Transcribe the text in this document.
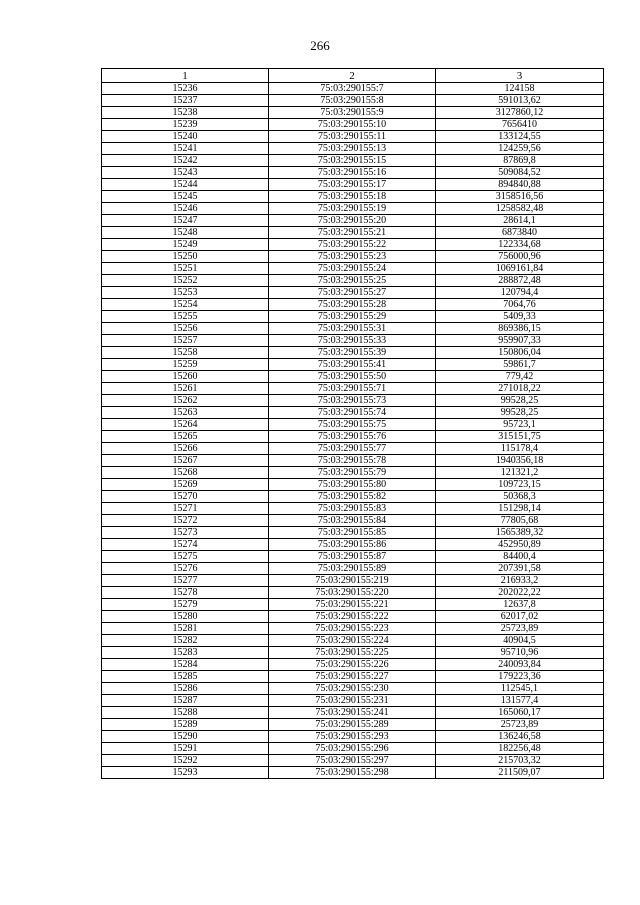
266
1	2	3
15236	75:03:290155:7	124158
15237	75:03:290155:8	591013,62
15238	75:03:290155:9	3127860,12
15239	75:03:290155:10	7656410
15240	75:03:290155:11	133124,55
15241	75:03:290155:13	124259,56
15242	75:03:290155:15	87869,8
15243	75:03:290155:16	509084,52
15244	75:03:290155:17	894840,88
15245	75:03:290155:18	3158516,56
15246	75:03:290155:19	1258582,48
15247	75:03:290155:20	28614,1
15248	75:03:290155:21	6873840
15249	75:03:290155:22	122334,68
15250	75:03:290155:23	756000,96
15251	75:03:290155:24	1069161,84
15252	75:03:290155:25	288872,48
15253	75:03:290155:27	120794,4
15254	75:03:290155:28	7064,76
15255	75:03:290155:29	5409,33
15256	75:03:290155:31	869386,15
15257	75:03:290155:33	959907,33
15258	75:03:290155:39	150806,04
15259	75:03:290155:41	59861,7
15260	75:03:290155:50	779,42
15261	75:03:290155:71	271018,22
15262	75:03:290155:73	99528,25
15263	75:03:290155:74	99528,25
15264	75:03:290155:75	95723,1
15265	75:03:290155:76	315151,75
15266	75:03:290155:77	115178,4
15267	75:03:290155:78	1940356,18
15268	75:03:290155:79	121321,2
15269	75:03:290155:80	109723,15
15270	75:03:290155:82	50368,3
15271	75:03:290155:83	151298,14
15272	75:03:290155:84	77805,68
15273	75:03:290155:85	1565389,32
15274	75:03:290155:86	452950,89
15275	75:03:290155:87	84400,4
15276	75:03:290155:89	207391,58
15277	75:03:290155:219	216933,2
15278	75:03:290155:220	202022,22
15279	75:03:290155:221	12637,8
15280	75:03:290155:222	62017,02
15281	75:03:290155:223	25723,89
15282	75:03:290155:224	40904,5
15283	75:03:290155:225	95710,96
15284	75:03:290155:226	240093,84
15285	75:03:290155:227	179223,36
15286	75:03:290155:230	112545,1
15287	75:03:290155:231	131577,4
15288	75:03:290155:241	165060,17
15289	75:03:290155:289	25723,89
15290	75:03:290155:293	136246,58
15291	75:03:290155:296	182256,48
15292	75:03:290155:297	215703,32
15293	75:03:290155:298	211509,07
